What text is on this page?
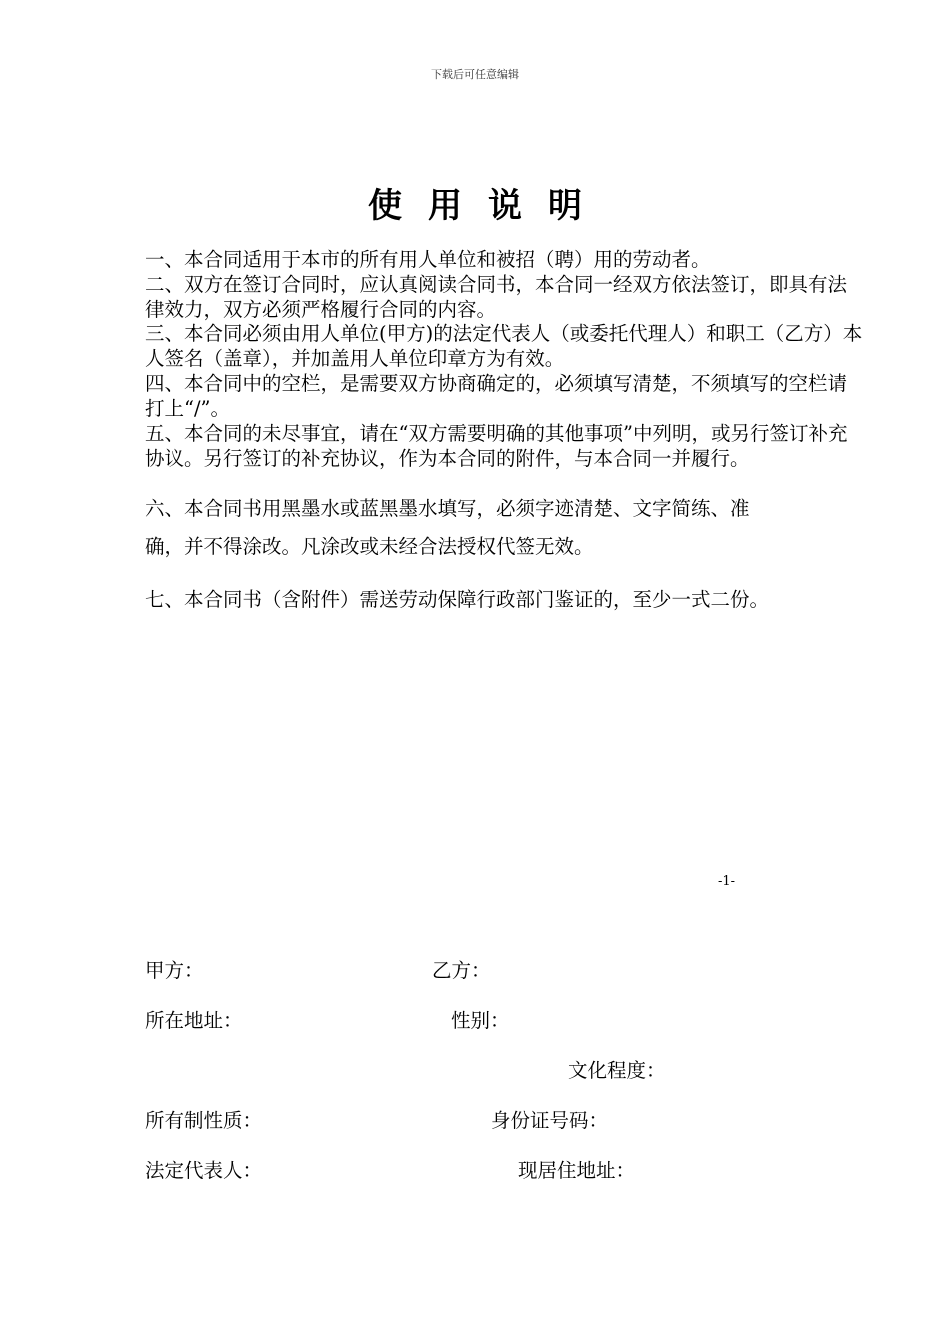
下载后可任意编辑
使用说明
一、本合同适用于本市的所有用人单位和被招（聘）用的劳动者。
二、双方在签订合同时，应认真阅读合同书，本合同一经双方依法签订，即具有法律效力，双方必须严格履行合同的内容。
三、本合同必须由用人单位(甲方)的法定代表人（或委托代理人）和职工（乙方）本人签名（盖章），并加盖用人单位印章方为有效。
四、本合同中的空栏，是需要双方协商确定的，必须填写清楚，不须填写的空栏请打上“/”。
五、本合同的未尽事宜，请在“双方需要明确的其他事项”中列明，或另行签订补充协议。另行签订的补充协议，作为本合同的附件，与本合同一并履行。
六、本合同书用黑墨水或蓝黑墨水填写，必须字迹清楚、文字简练、准
确，并不得涂改。凡涂改或未经合法授权代签无效。
七、本合同书（含附件）需送劳动保障行政部门鉴证的，至少一式二份。
-1-
甲方：	乙方：
所在地址：	性别：
文化程度：
所有制性质：	身份证号码：
法定代表人：	现居住地址：
